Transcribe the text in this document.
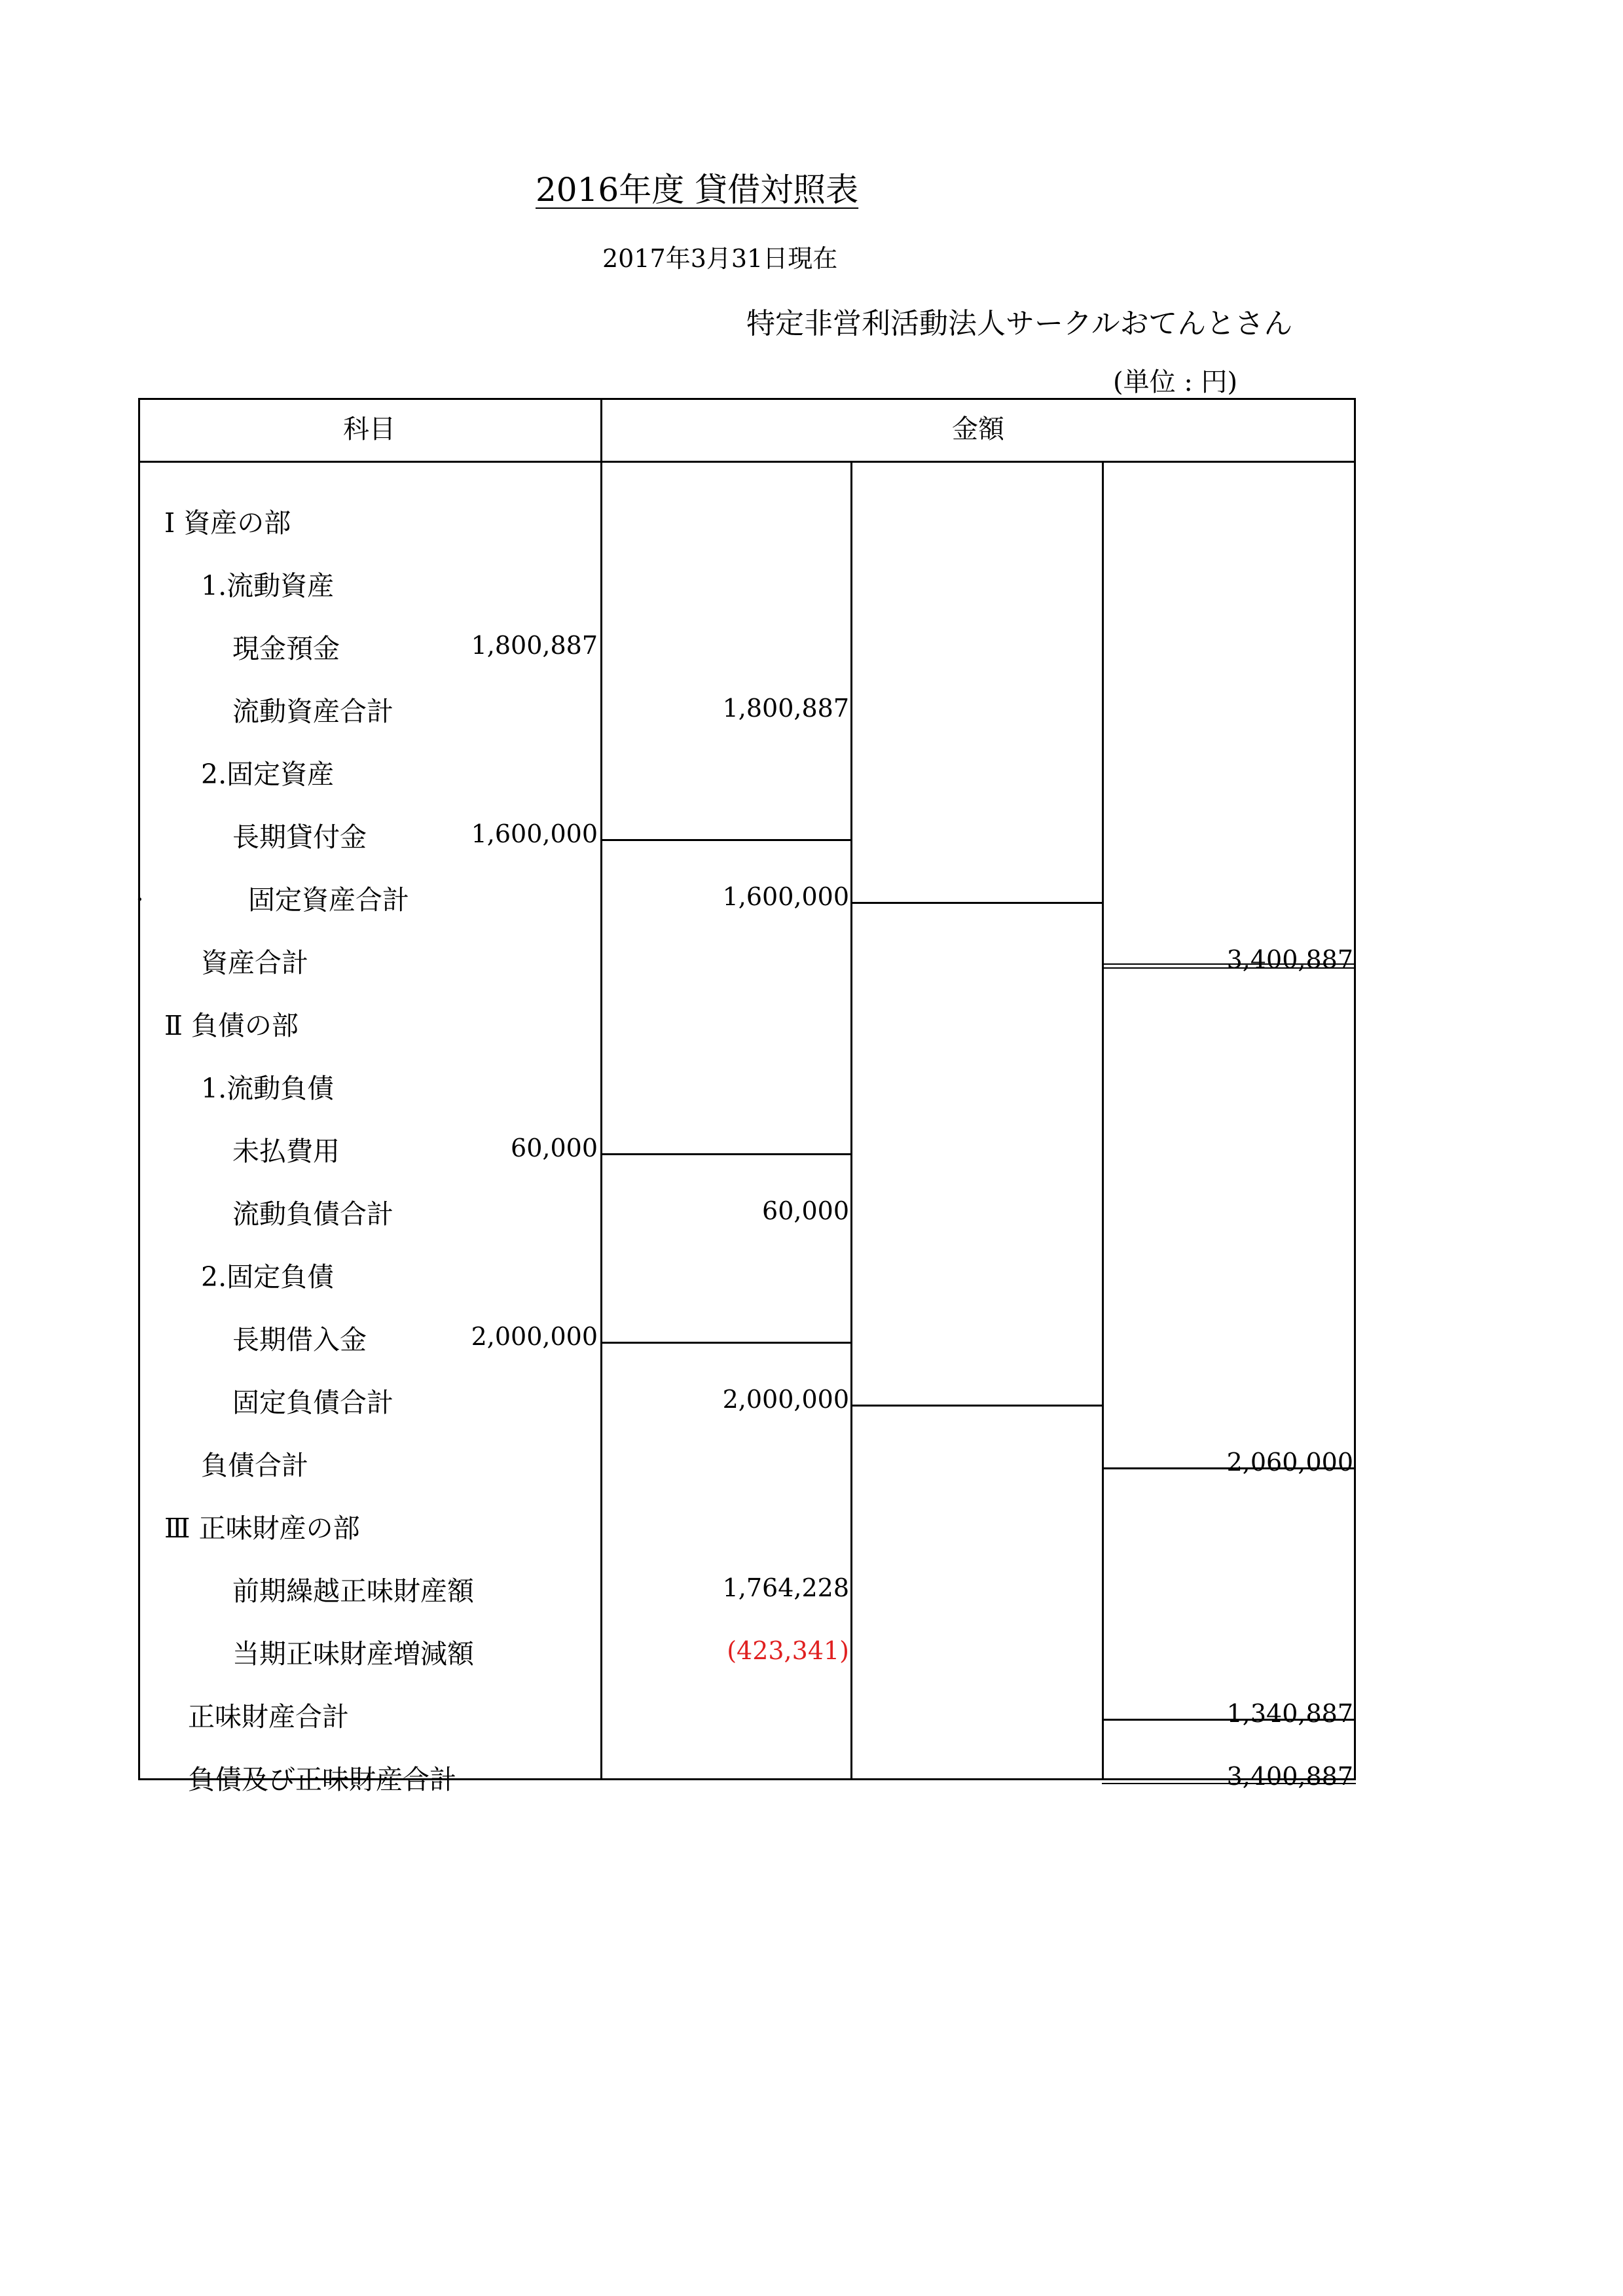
2016年度 貸借対照表
2017年3月31日現在
特定非営利活動法人サークルおてんとさん
(単位 : 円)
科目	金額
Ⅰ 資産の部
1.流動資産
現金預金	1,800,887
流動資産合計	1,800,887
2.固定資産
長期貸付金	1,600,000
.	固定資産合計	1,600,000
資産合計	3,400,887
Ⅱ 負債の部
1.流動負債
未払費用	60,000
流動負債合計	60,000
2.固定負債
長期借入金	2,000,000
固定負債合計	2,000,000
負債合計	2,060,000
Ⅲ 正味財産の部
前期繰越正味財産額	1,764,228
当期正味財産増減額	(423,341)
正味財産合計	1,340,887
負債及び正味財産合計	3,400,887
